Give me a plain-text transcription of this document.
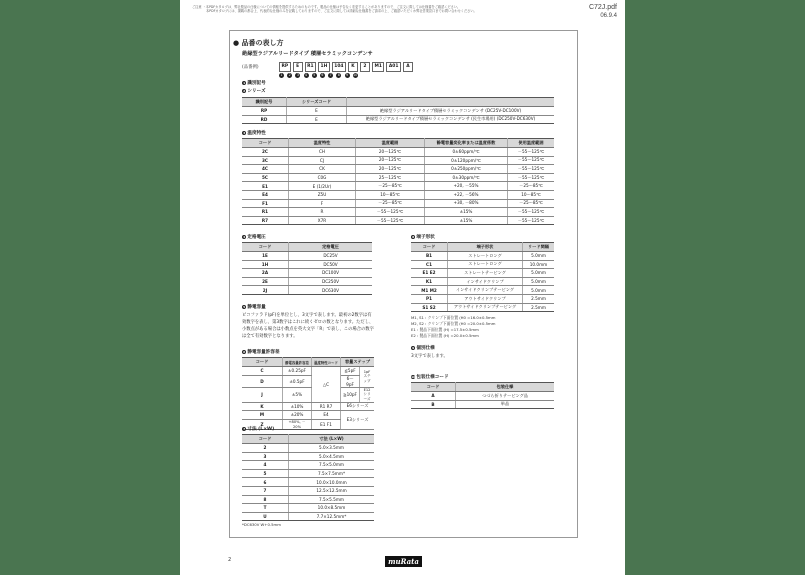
ご注意 ・本PDFカタログは、弊社製品の仕様についての情報を提供するためのものです。製品の仕様は予告なく変更することがありますので、ご注文に際しては仕様書をご確認ください。
本PDFカタログには、掲載の都合上、代表的な仕様のみを記載しておりますので、ご注文に際しては詳細な仕様書をご請求の上、ご確認いただくか弊社営業窓口までお問い合わせください。
C72J.pdf
06.9.4
● 品番の表し方
絶縁型ラジアルリードタイプ 積層セラミックコンデンサ
(品番例)	RP	E	R1	1H	104	K	2	M1	A01	A
1	2	3	4	5	6	7	8	9	10
1 識別記号
2 シリーズ
識別記号	シリーズコード	
RP	E	絶縁型ラジアルリードタイプ積層セラミックコンデンサ (DC25V-DC100V)
RD	E	絶縁型ラジアルリードタイプ積層セラミックコンデンサ (民生市場用) (DC250V-DC630V)
3 温度特性
コード	温度特性	温度範囲	静電容量変化率または温度係数	使用温度範囲
2C	CH	20～125℃	0±60ppm/℃	－55～125℃
3C	CJ	20～125℃	0±120ppm/℃	－55～125℃
4C	CK	20～125℃	0±250ppm/℃	－55～125℃
5C	C0G	25～125℃	0±30ppm/℃	－55～125℃
E1	E (1/2Ur)	－25～85℃	+20, －55%	－25～85℃
E4	Z5U	10～85℃	+22, －56%	10～85℃
F1	F	－25～85℃	+30, －80%	－25～85℃
R1	R	－55～125℃	±15%	－55～125℃
R7	X7R	－55～125℃	±15%	－55～125℃
4 定格電圧
コード	定格電圧
1E	DC25V
1H	DC50V
2A	DC100V
2E	DC250V
2J	DC630V
5 静電容量
ピコファラド(pF)を単位とし、3文字で表します。最初の2数字は有効数字を表し、第3数字はこれに続くゼロの数となります。ただし、小数点がある場合は小数点を英大文字「R」で表し、この場合の数字は全て有効数字となります。
6 静電容量許容差
コード	静電容量許容差	温度特性コード	容量ステップ	
C	±0.25pF	△C	≦5pF	1pFステップ
D	±0.5pF		6～9pF	
J	±5%		≧10pF	E12シリーズ
K	±10%	R1 R7	E6シリーズ	
M	±20%	E4	E3シリーズ	
Z	+80%, －20%	E1 F1		
7 寸法 (L×W)
コード	寸法 (L×W)
2	5.0×3.5mm
3	5.0×4.5mm
4	7.5×5.0mm
5	7.5×7.5mm*
6	10.0×10.0mm
7	12.5×12.5mm
8	7.5×5.5mm
T	10.0×8.5mm
U	7.7×12.5mm*
*DC630V W+0.5mm
8 端子形状
コード	端子形状	リード間隔
B1	ストレートロング	5.0mm
C1	ストレートロング	10.0mm
E1 E2	ストレートテーピング	5.0mm
K1	インサイドクリンプ	5.0mm
M1 M2	インサイドクリンプテーピング	5.0mm
P1	アウトサイドクリンプ	2.5mm
S1 S2	アウトサイドクリンプテーピング	2.5mm
M1, S1 : クリンプ下面位置 (H0 =16.0±0.5mm
M2, S2 : クリンプ下面位置 (H0 =20.0±0.5mm
E1 : 製品下面位置 (H) =17.5±0.5mm
E2 : 製品下面位置 (H) =20.0±0.5mm
9 個別仕様
3文字で表します。
10 包装仕様コード
コード	包装仕様
A	つづら折りテーピング品
B	単品
2	muRata
